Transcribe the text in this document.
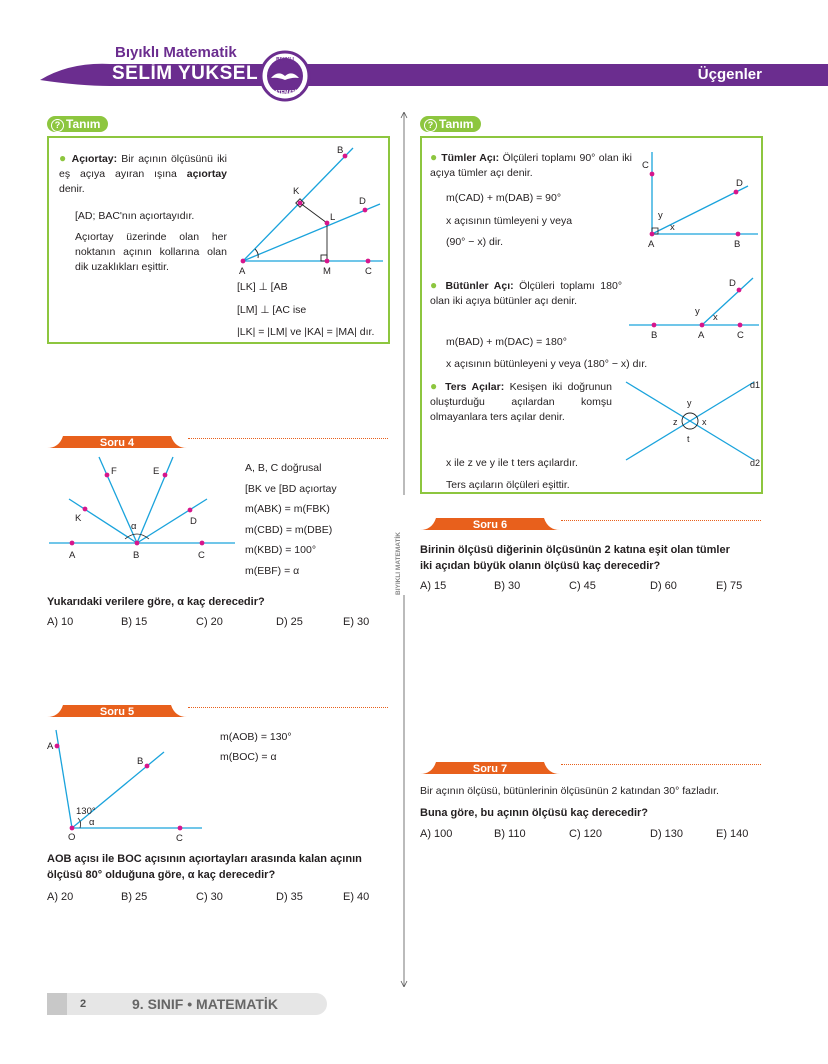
Bıyıklı Matematik
SELİM YÜKSEL
BIYIKLI
MATEMATİK
Üçgenler
BIYIKLI MATEMATİK
? Tanım
● Açıortay: Bir açının ölçüsünü iki eş açıya ayıran ışına açıortay denir.
[AD; BAC'nın açıortayıdır.
Açıortay üzerinde olan her noktanın açının kollarına olan dik uzaklıkları eşittir.
[LK] ⊥ [AB
[LM] ⊥ [AC ise
|LK| = |LM| ve |KA| = |MA| dır.
B
K
L
D
A	M	C
? Tanım
● Tümler Açı: Ölçüleri toplamı 90° olan iki açıya tümler açı denir.
m(CAD) + m(DAB) = 90°
x açısının tümleyeni y veya
(90° − x) dir.
C
D
y
x
A	B
● Bütünler Açı: Ölçüleri toplamı 180° olan iki açıya bütünler açı denir.
m(BAD) + m(DAC) = 180°
x açısının bütünleyeni y veya (180° − x) dır.
D
y
x
B	A	C
● Ters Açılar: Kesişen iki doğrunun oluşturduğu açılardan komşu olmayanlara ters açılar denir.
x ile z ve y ile t ters açılardır.
Ters açıların ölçüleri eşittir.
d1
y
z	x
t
d2
Soru 4
F	E
K	D
α
A	B	C
A, B, C doğrusal
[BK ve [BD açıortay
m(ABK) = m(FBK)
m(CBD) = m(DBE)
m(KBD) = 100°
m(EBF) = α
Yukarıdaki verilere göre, α kaç derecedir?
A) 10	B) 15	C) 20	D) 25	E) 30
Soru 5
A
B
130°
α
O	C
m(AOB) = 130°
m(BOC) = α
AOB açısı ile BOC açısının açıortayları arasında kalan açının
ölçüsü 80° olduğuna göre, α kaç derecedir?
A) 20	B) 25	C) 30	D) 35	E) 40
Soru 6
Birinin ölçüsü diğerinin ölçüsünün 2 katına eşit olan tümler
iki açıdan büyük olanın ölçüsü kaç derecedir?
A) 15	B) 30	C) 45	D) 60	E) 75
Soru 7
Bir açının ölçüsü, bütünlerinin ölçüsünün 2 katından 30° fazladır.
Buna göre, bu açının ölçüsü kaç derecedir?
A) 100	B) 110	C) 120	D) 130	E) 140
2	9. SINIF • MATEMATİK
